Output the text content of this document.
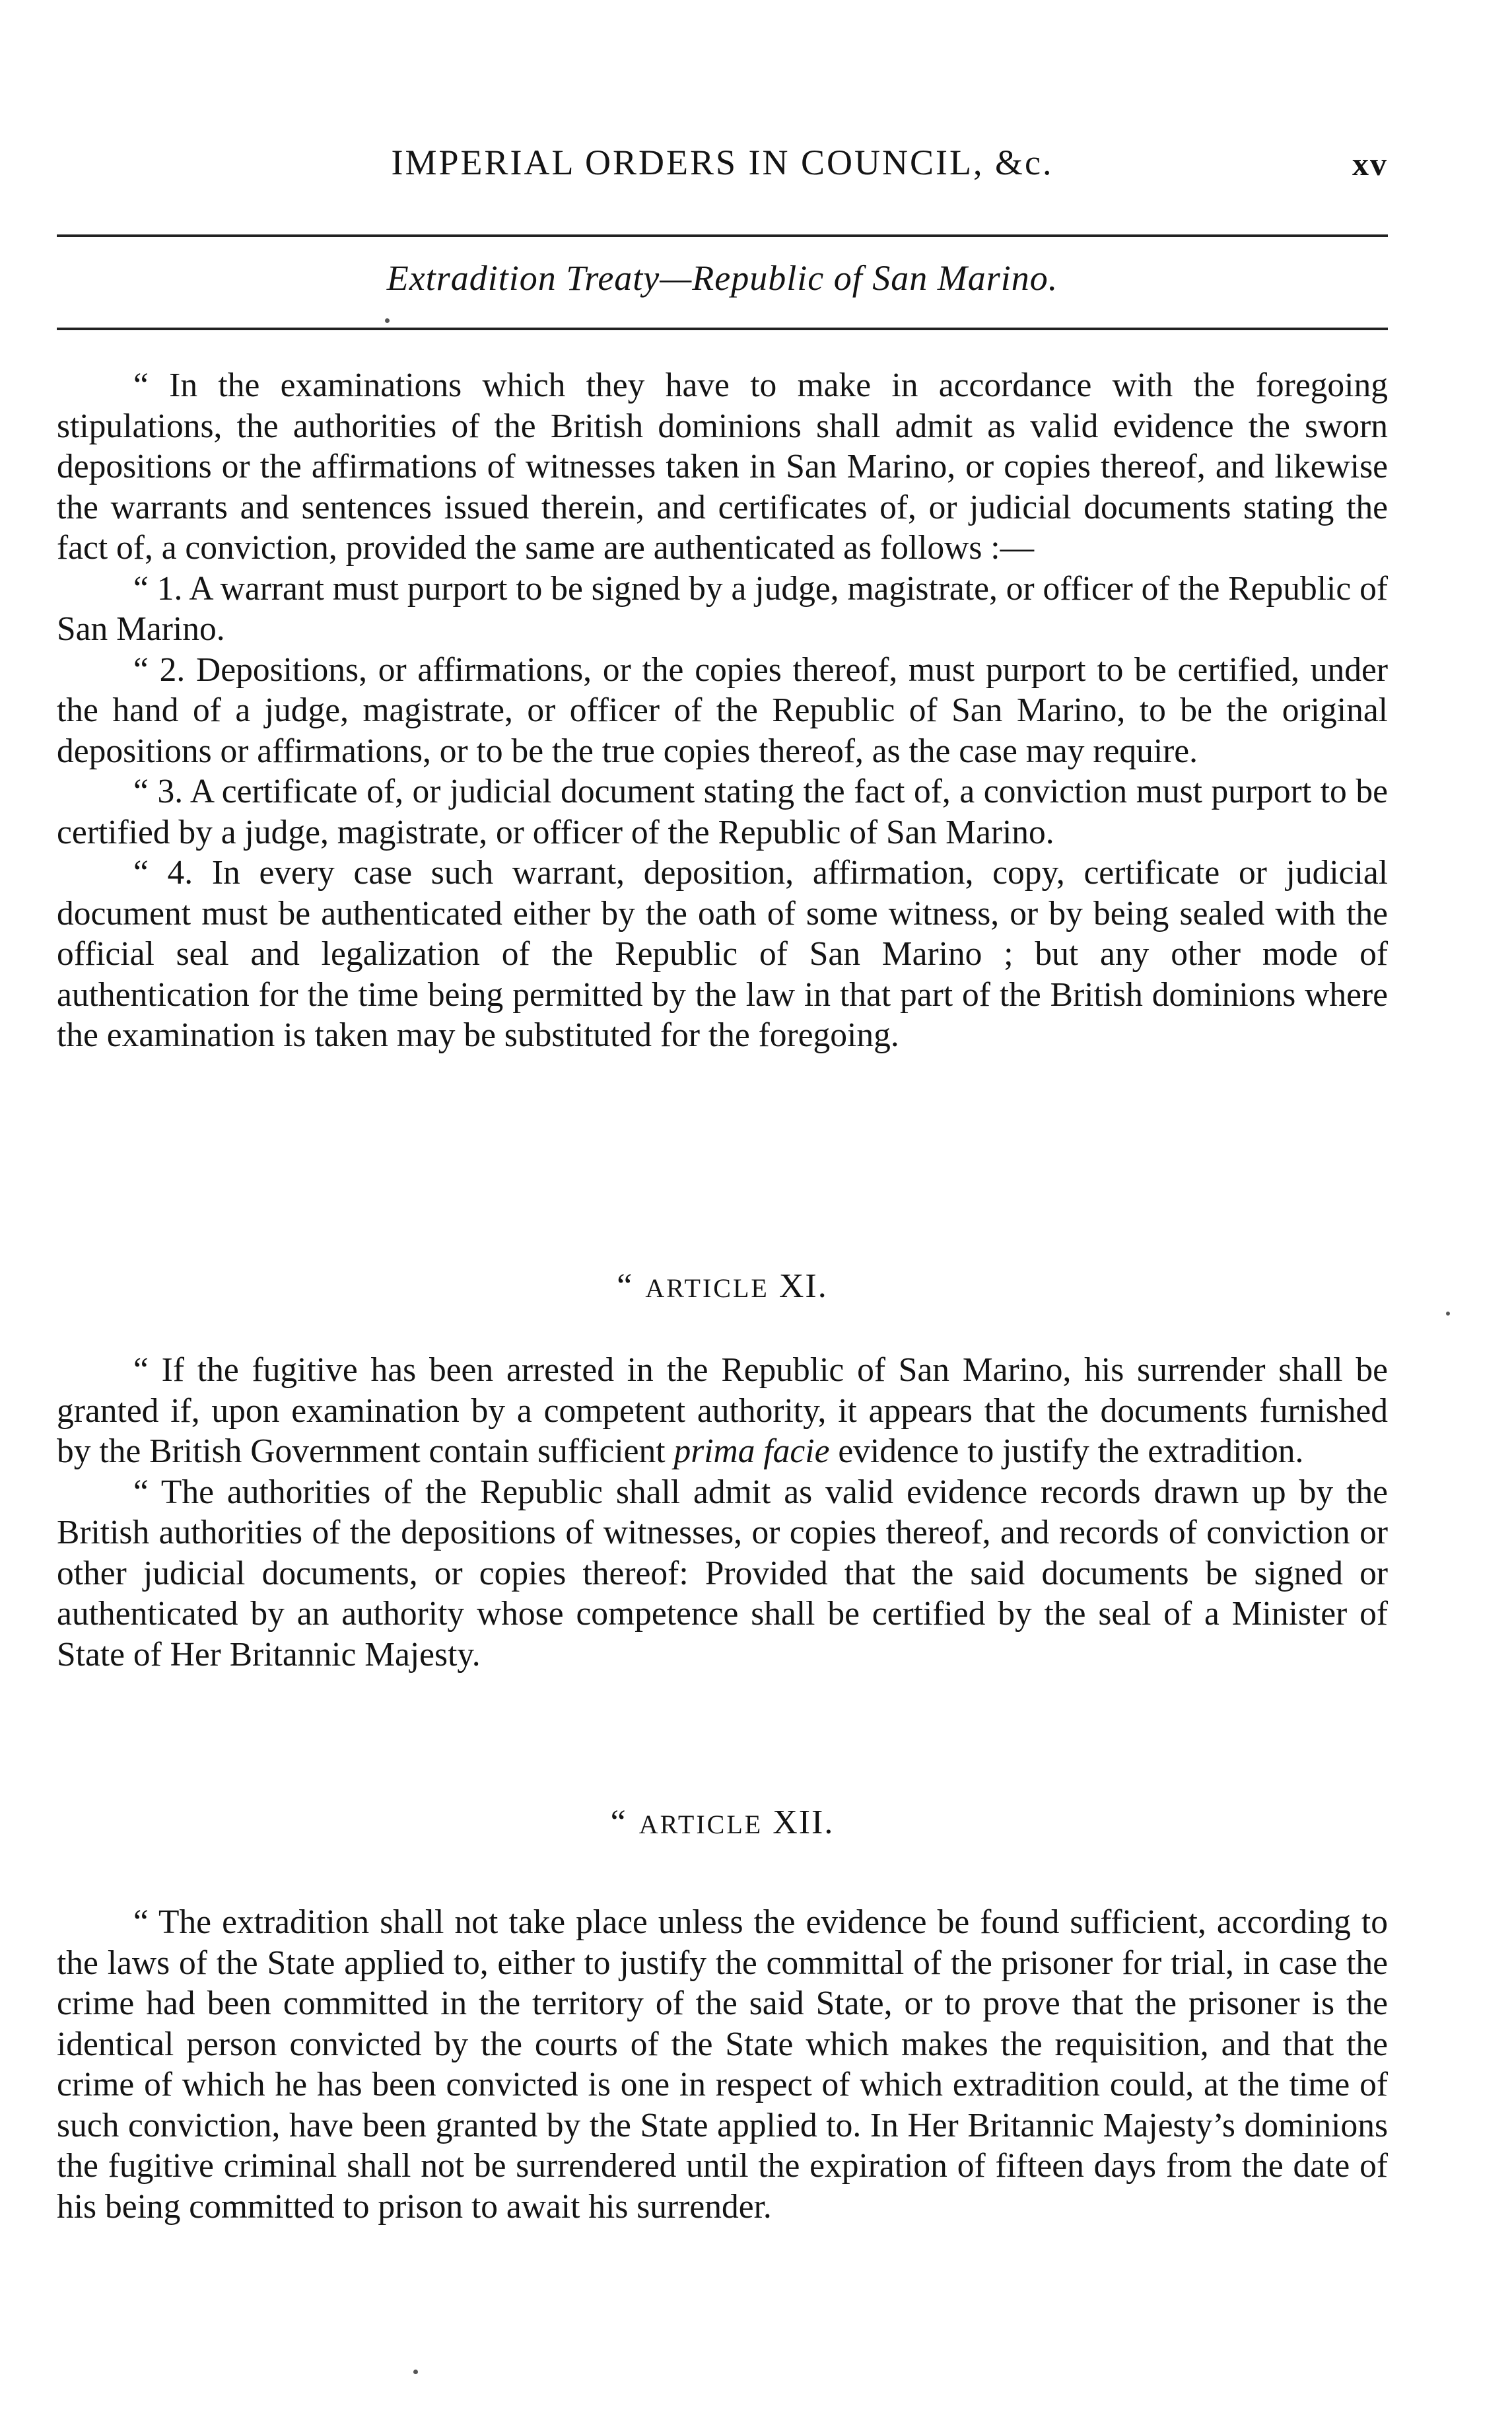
IMPERIAL ORDERS IN COUNCIL, &c.	xv
Extradition Treaty—Republic of San Marino.

“ In the examinations which they have to make in accordance with the foregoing stipulations, the authorities of the British dominions shall admit as valid evidence the sworn depositions or the affirmations of witnesses taken in San Marino, or copies thereof, and likewise the warrants and sentences issued therein, and certificates of, or judicial documents stating the fact of, a conviction, provided the same are authenticated as follows :—

“ 1. A warrant must purport to be signed by a judge, magistrate, or officer of the Republic of San Marino.

“ 2. Depositions, or affirmations, or the copies thereof, must purport to be certified, under the hand of a judge, magistrate, or officer of the Republic of San Marino, to be the original depositions or affirmations, or to be the true copies thereof, as the case may require.

“ 3. A certificate of, or judicial document stating the fact of, a conviction must purport to be certified by a judge, magistrate, or officer of the Republic of San Marino.

“ 4. In every case such warrant, deposition, affirmation, copy, certificate or judicial document must be authenticated either by the oath of some witness, or by being sealed with the official seal and legalization of the Republic of San Marino ; but any other mode of authentication for the time being permitted by the law in that part of the British dominions where the examination is taken may be substituted for the foregoing.

“ ARTICLE XI.

“ If the fugitive has been arrested in the Republic of San Marino, his surrender shall be granted if, upon examination by a competent authority, it appears that the documents furnished by the British Government contain sufficient prima facie evidence to justify the extradition.

“ The authorities of the Republic shall admit as valid evidence records drawn up by the British authorities of the depositions of witnesses, or copies thereof, and records of conviction or other judicial documents, or copies thereof: Provided that the said documents be signed or authenticated by an authority whose competence shall be certified by the seal of a Minister of State of Her Britannic Majesty.

“ ARTICLE XII.

“ The extradition shall not take place unless the evidence be found sufficient, according to the laws of the State applied to, either to justify the committal of the prisoner for trial, in case the crime had been committed in the territory of the said State, or to prove that the prisoner is the identical person convicted by the courts of the State which makes the requisition, and that the crime of which he has been convicted is one in respect of which extradition could, at the time of such conviction, have been granted by the State applied to. In Her Britannic Majesty’s dominions the fugitive criminal shall not be surrendered until the expiration of fifteen days from the date of his being committed to prison to await his surrender.
